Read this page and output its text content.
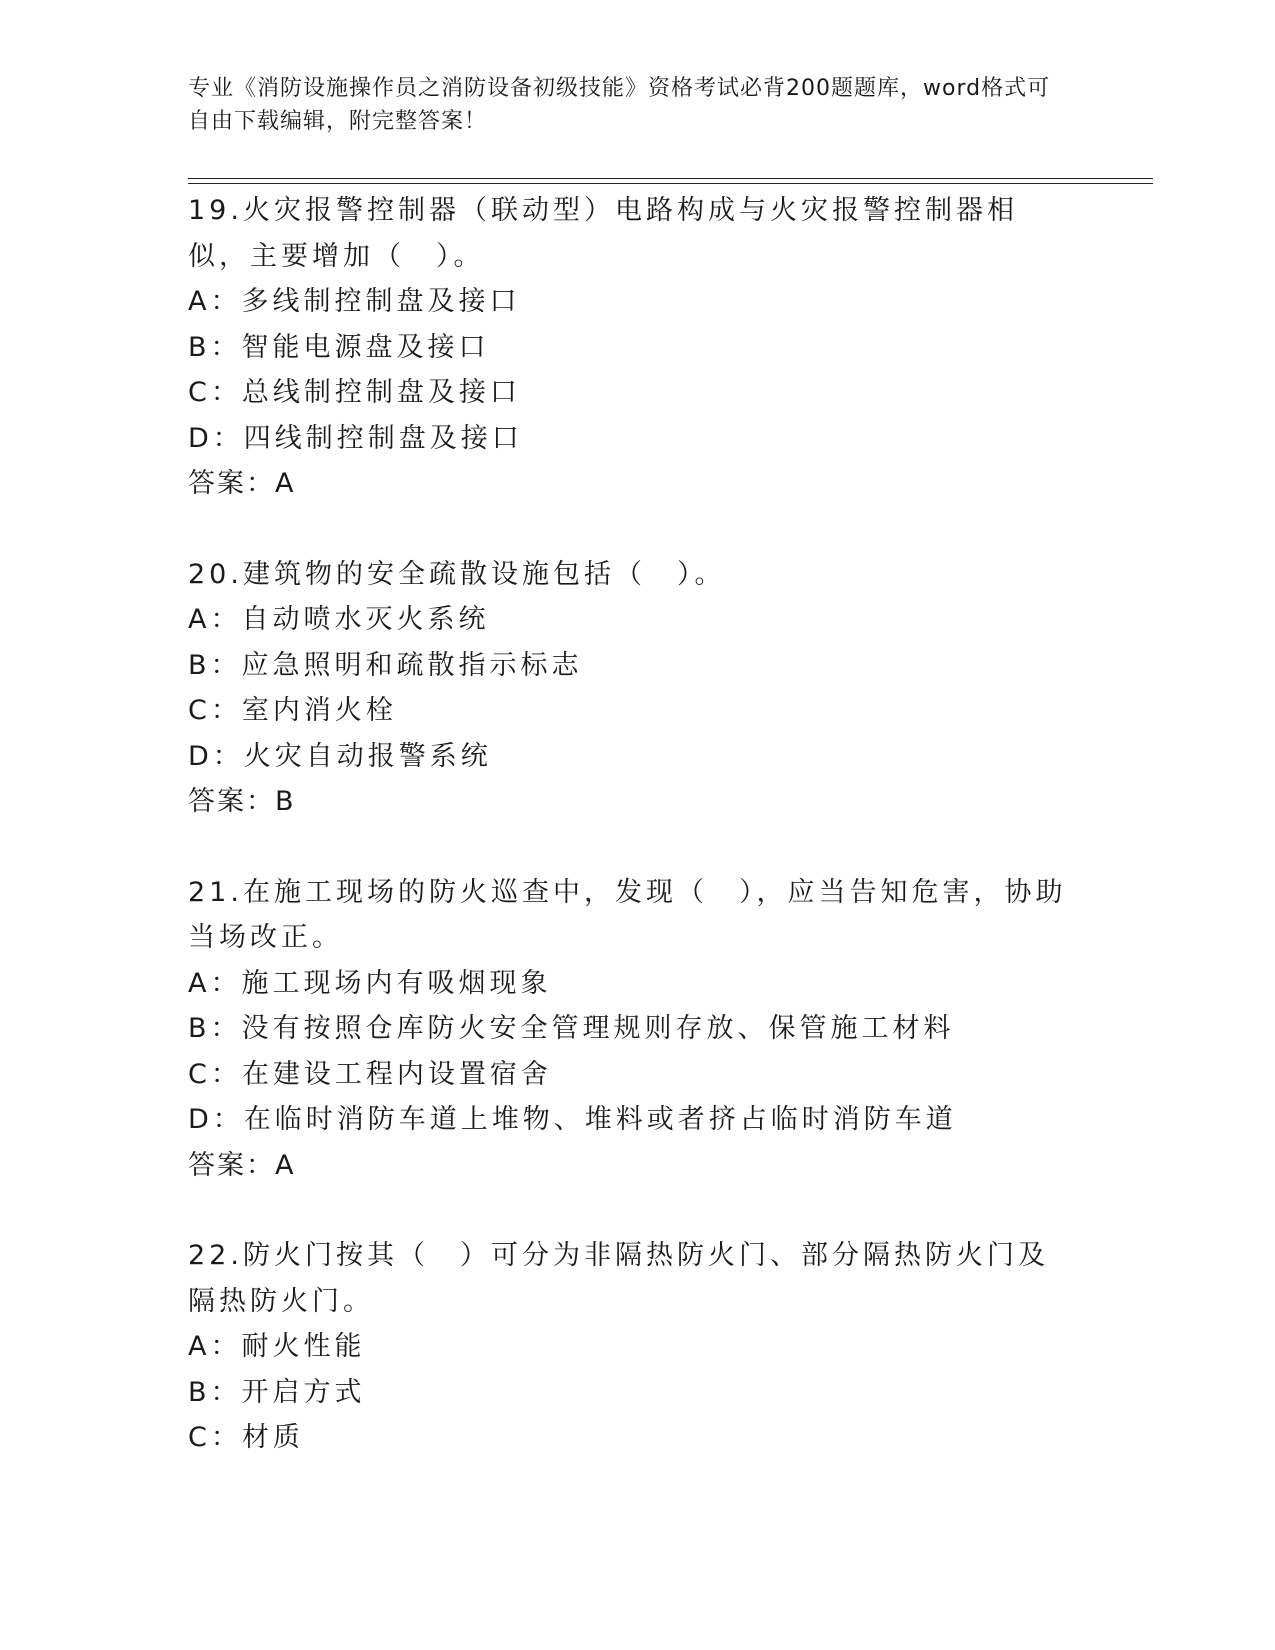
专业《消防设施操作员之消防设备初级技能》资格考试必背200题题库，word格式可自由下载编辑，附完整答案！

19.火灾报警控制器（联动型）电路构成与火灾报警控制器相似，主要增加（　）。

A：多线制控制盘及接口

B：智能电源盘及接口

C：总线制控制盘及接口

D：四线制控制盘及接口

答案：A

20.建筑物的安全疏散设施包括（　）。

A：自动喷水灭火系统

B：应急照明和疏散指示标志

C：室内消火栓

D：火灾自动报警系统

答案：B

21.在施工现场的防火巡查中，发现（　），应当告知危害，协助当场改正。

A：施工现场内有吸烟现象

B：没有按照仓库防火安全管理规则存放、保管施工材料

C：在建设工程内设置宿舍

D：在临时消防车道上堆物、堆料或者挤占临时消防车道

答案：A

22.防火门按其（　）可分为非隔热防火门、部分隔热防火门及隔热防火门。

A：耐火性能

B：开启方式

C：材质
